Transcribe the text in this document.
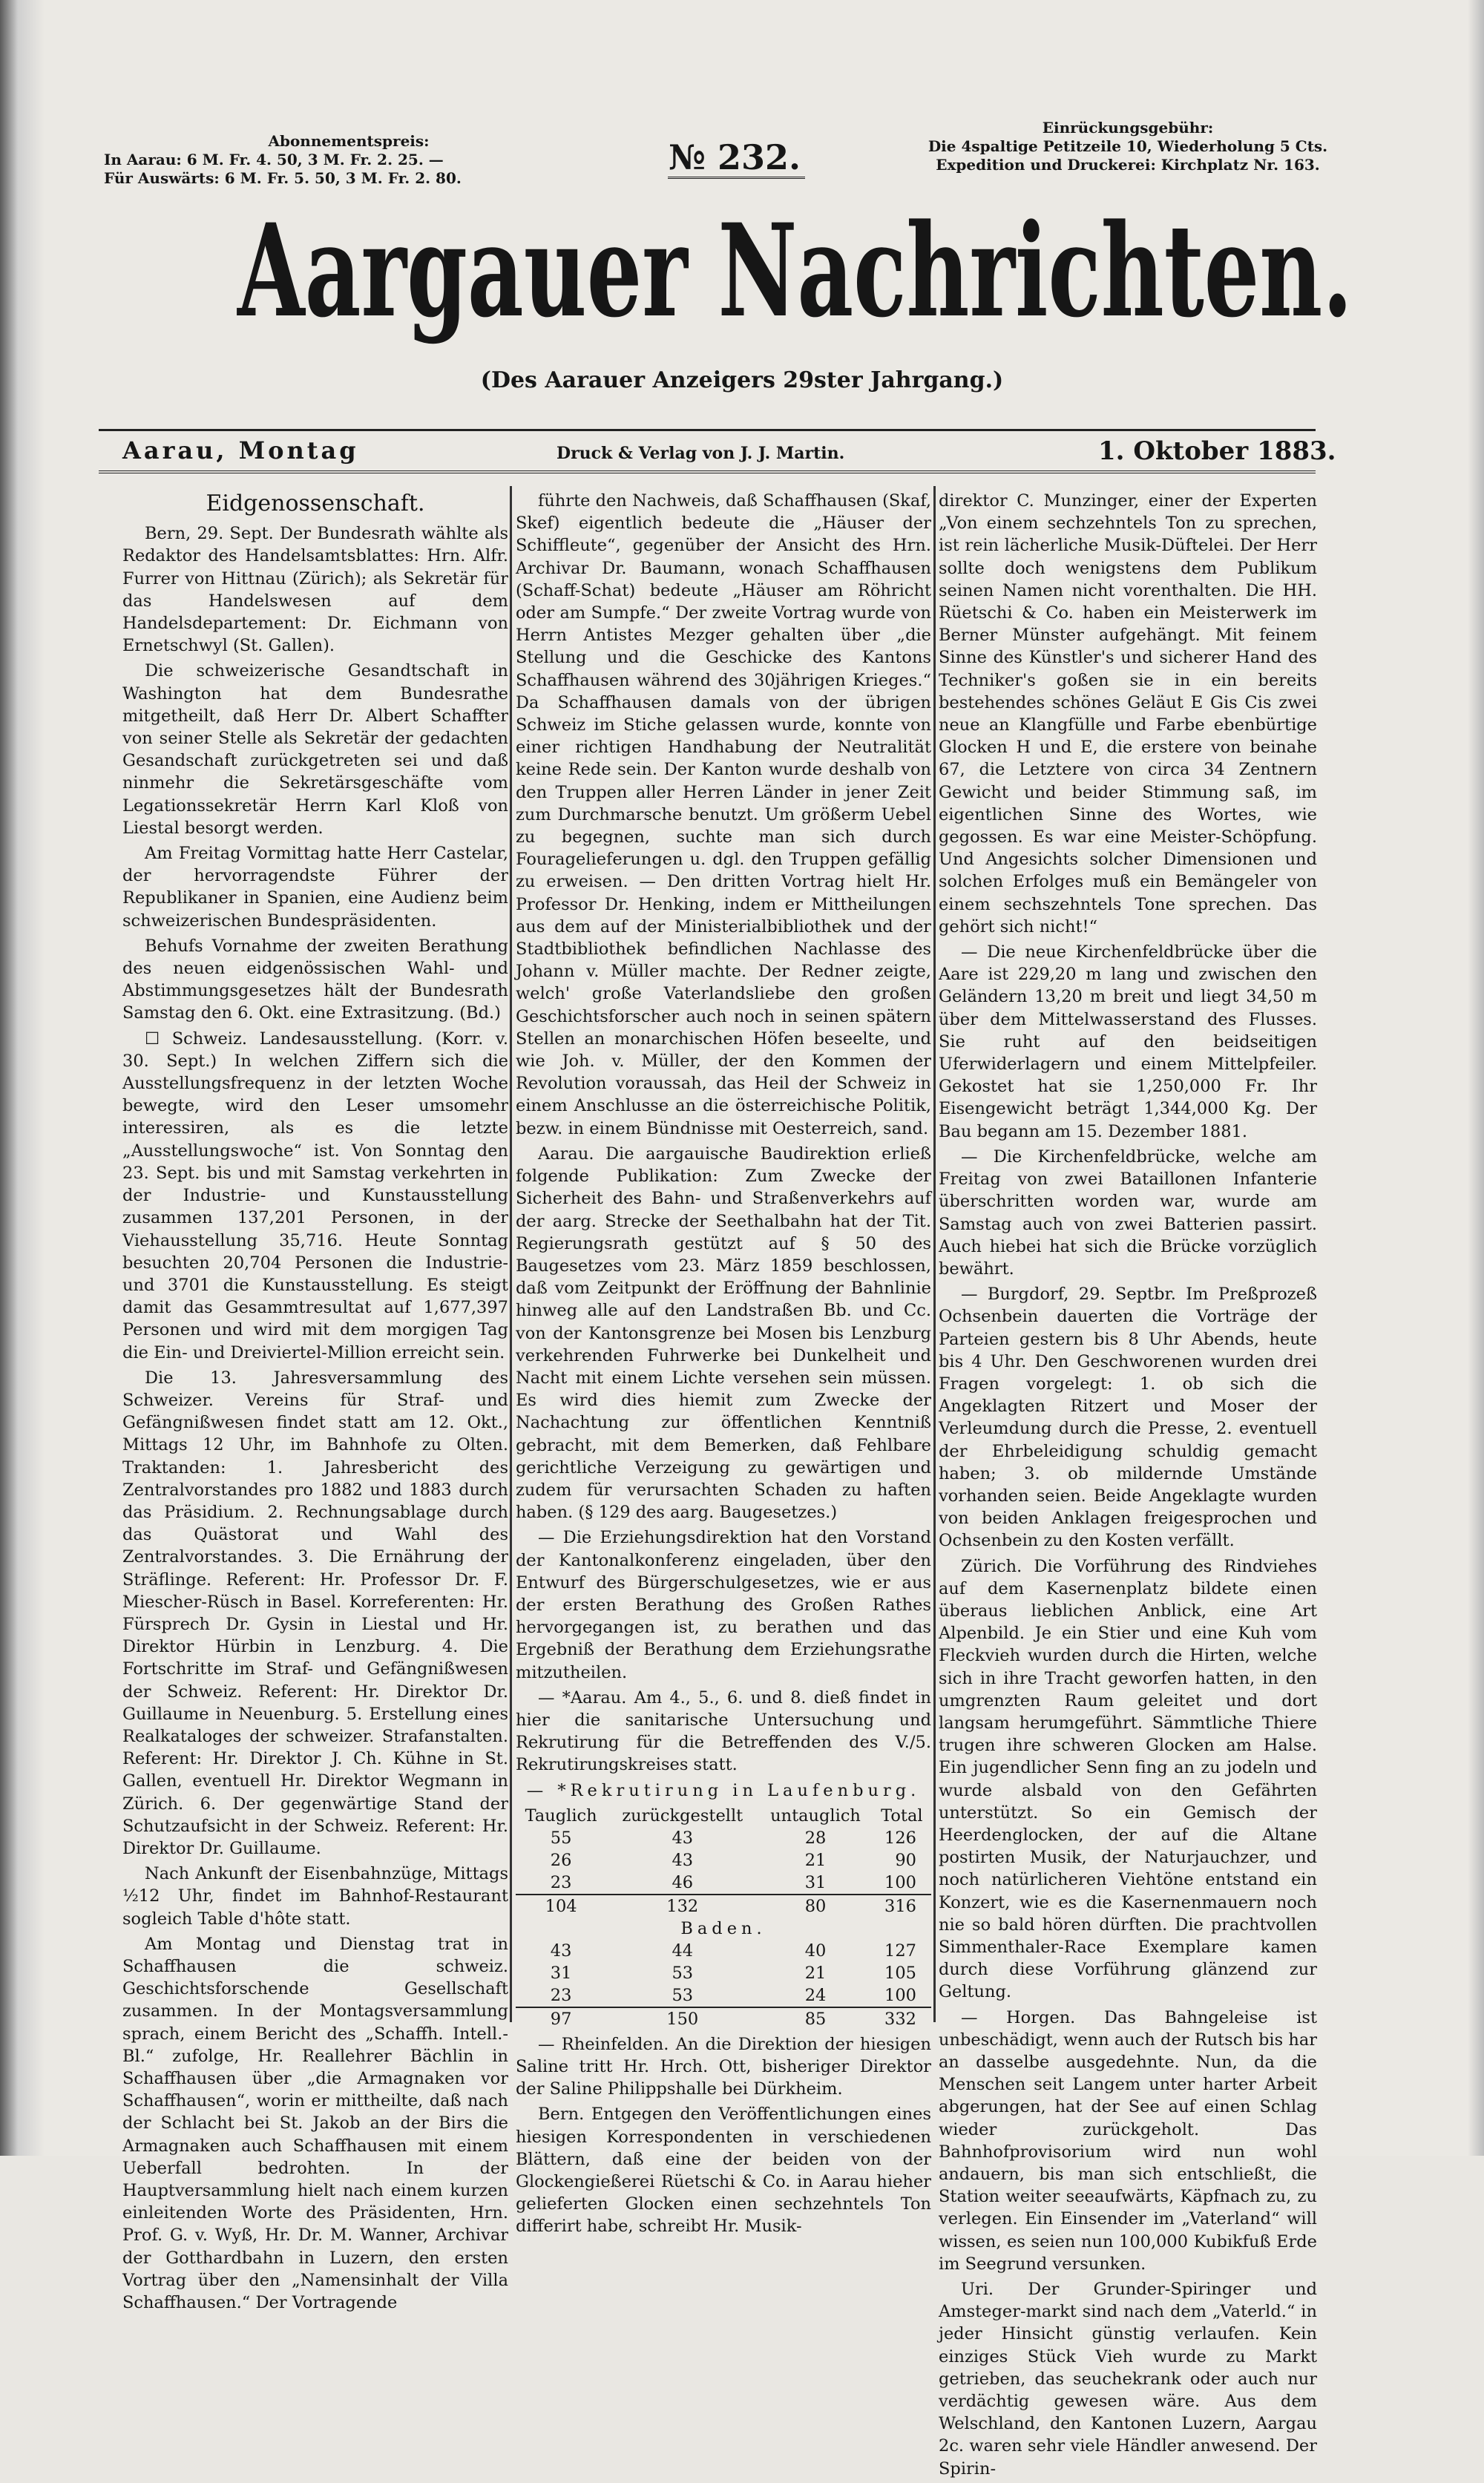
Abonnementspreis:
In Aarau: 6 M. Fr. 4. 50, 3 M. Fr. 2. 25. —
Für Auswärts: 6 M. Fr. 5. 50, 3 M. Fr. 2. 80.
№ 232.
Einrückungsgebühr:
Die 4spaltige Petitzeile 10, Wiederholung 5 Cts.
Expedition und Druckerei: Kirchplatz Nr. 163.
Aargauer Nachrichten.
(Des Aarauer Anzeigers 29ster Jahrgang.)
Aarau, Montag	Druck & Verlag von J. J. Martin.	1. Oktober 1883.
Eidgenossenschaft.

Bern, 29. Sept. Der Bundesrath wählte als Redaktor des Handelsamtsblattes: Hrn. Alfr. Furrer von Hittnau (Zürich); als Sekretär für das Handelswesen auf dem Handelsdepartement: Dr. Eichmann von Ernetschwyl (St. Gallen).

Die schweizerische Gesandtschaft in Washington hat dem Bundesrathe mitgetheilt, daß Herr Dr. Albert Schaffter von seiner Stelle als Sekretär der gedachten Gesandschaft zurückgetreten sei und daß ninmehr die Sekretärsgeschäfte vom Legationssekretär Herrn Karl Kloß von Liestal besorgt werden.

Am Freitag Vormittag hatte Herr Castelar, der hervorragendste Führer der Republikaner in Spanien, eine Audienz beim schweizerischen Bundespräsidenten.

Behufs Vornahme der zweiten Berathung des neuen eidgenössischen Wahl- und Abstimmungsgesetzes hält der Bundesrath Samstag den 6. Okt. eine Extrasitzung. (Bd.)

☐ Schweiz. Landesausstellung. (Korr. v. 30. Sept.) In welchen Ziffern sich die Ausstellungsfrequenz in der letzten Woche bewegte, wird den Leser umsomehr interessiren, als es die letzte „Ausstellungswoche“ ist. Von Sonntag den 23. Sept. bis und mit Samstag verkehrten in der Industrie- und Kunstausstellung zusammen 137,201 Personen, in der Viehausstellung 35,716. Heute Sonntag besuchten 20,704 Personen die Industrie- und 3701 die Kunstausstellung. Es steigt damit das Gesammtresultat auf 1,677,397 Personen und wird mit dem morgigen Tag die Ein- und Dreiviertel-Million erreicht sein.

Die 13. Jahresversammlung des Schweizer. Vereins für Straf- und Gefängnißwesen findet statt am 12. Okt., Mittags 12 Uhr, im Bahnhofe zu Olten. Traktanden: 1. Jahresbericht des Zentralvorstandes pro 1882 und 1883 durch das Präsidium. 2. Rechnungsablage durch das Quästorat und Wahl des Zentralvorstandes. 3. Die Ernährung der Sträflinge. Referent: Hr. Professor Dr. F. Miescher-Rüsch in Basel. Korreferenten: Hr. Fürsprech Dr. Gysin in Liestal und Hr. Direktor Hürbin in Lenzburg. 4. Die Fortschritte im Straf- und Gefängnißwesen der Schweiz. Referent: Hr. Direktor Dr. Guillaume in Neuenburg. 5. Erstellung eines Realkataloges der schweizer. Strafanstalten. Referent: Hr. Direktor J. Ch. Kühne in St. Gallen, eventuell Hr. Direktor Wegmann in Zürich. 6. Der gegenwärtige Stand der Schutzaufsicht in der Schweiz. Referent: Hr. Direktor Dr. Guillaume.

Nach Ankunft der Eisenbahnzüge, Mittags ½12 Uhr, findet im Bahnhof-Restaurant sogleich Table d'hôte statt.

Am Montag und Dienstag trat in Schaffhausen die schweiz. Geschichtsforschende Gesellschaft zusammen. In der Montagsversammlung sprach, einem Bericht des „Schaffh. Intell.-Bl.“ zufolge, Hr. Reallehrer Bächlin in Schaffhausen über „die Armagnaken vor Schaffhausen“, worin er mittheilte, daß nach der Schlacht bei St. Jakob an der Birs die Armagnaken auch Schaffhausen mit einem Ueberfall bedrohten. In der Hauptversammlung hielt nach einem kurzen einleitenden Worte des Präsidenten, Hrn. Prof. G. v. Wyß, Hr. Dr. M. Wanner, Archivar der Gotthardbahn in Luzern, den ersten Vortrag über den „Namensinhalt der Villa Schaffhausen.“ Der Vortragende

führte den Nachweis, daß Schaffhausen (Skaf, Skef) eigentlich bedeute die „Häuser der Schiffleute“, gegenüber der Ansicht des Hrn. Archivar Dr. Baumann, wonach Schaffhausen (Schaff-Schat) bedeute „Häuser am Röhricht oder am Sumpfe.“ Der zweite Vortrag wurde von Herrn Antistes Mezger gehalten über „die Stellung und die Geschicke des Kantons Schaffhausen während des 30jährigen Krieges.“ Da Schaffhausen damals von der übrigen Schweiz im Stiche gelassen wurde, konnte von einer richtigen Handhabung der Neutralität keine Rede sein. Der Kanton wurde deshalb von den Truppen aller Herren Länder in jener Zeit zum Durchmarsche benutzt. Um größerm Uebel zu begegnen, suchte man sich durch Fouragelieferungen u. dgl. den Truppen gefällig zu erweisen. — Den dritten Vortrag hielt Hr. Professor Dr. Henking, indem er Mittheilungen aus dem auf der Ministerialbibliothek und der Stadtbibliothek befindlichen Nachlasse des Johann v. Müller machte. Der Redner zeigte, welch' große Vaterlandsliebe den großen Geschichtsforscher auch noch in seinen spätern Stellen an monarchischen Höfen beseelte, und wie Joh. v. Müller, der den Kommen der Revolution voraussah, das Heil der Schweiz in einem Anschlusse an die österreichische Politik, bezw. in einem Bündnisse mit Oesterreich, sand.

Aarau. Die aargauische Baudirektion erließ folgende Publikation: Zum Zwecke der Sicherheit des Bahn- und Straßenverkehrs auf der aarg. Strecke der Seethalbahn hat der Tit. Regierungsrath gestützt auf § 50 des Baugesetzes vom 23. März 1859 beschlossen, daß vom Zeitpunkt der Eröffnung der Bahnlinie hinweg alle auf den Landstraßen Bb. und Cc. von der Kantonsgrenze bei Mosen bis Lenzburg verkehrenden Fuhrwerke bei Dunkelheit und Nacht mit einem Lichte versehen sein müssen. Es wird dies hiemit zum Zwecke der Nachachtung zur öffentlichen Kenntniß gebracht, mit dem Bemerken, daß Fehlbare gerichtliche Verzeigung zu gewärtigen und zudem für verursachten Schaden zu haften haben. (§ 129 des aarg. Baugesetzes.)

— Die Erziehungsdirektion hat den Vorstand der Kantonalkonferenz eingeladen, über den Entwurf des Bürgerschulgesetzes, wie er aus der ersten Berathung des Großen Rathes hervorgegangen ist, zu berathen und das Ergebniß der Berathung dem Erziehungsrathe mitzutheilen.

— *Aarau. Am 4., 5., 6. und 8. dieß findet in hier die sanitarische Untersuchung und Rekrutirung für die Betreffenden des V./5. Rekrutirungskreises statt.

— *Rekrutirung in Laufenburg.

Tauglich	zurückgestellt	untauglich	Total
55	43	28	126
26	43	21	90
23	46	31	100
104	132	80	316
Baden.			
43	44	40	127
31	53	21	105
23	53	24	100
97	150	85	332

— Rheinfelden. An die Direktion der hiesigen Saline tritt Hr. Hrch. Ott, bisheriger Direktor der Saline Philippshalle bei Dürkheim.

Bern. Entgegen den Veröffentlichungen eines hiesigen Korrespondenten in verschiedenen Blättern, daß eine der beiden von der Glockengießerei Rüetschi & Co. in Aarau hieher gelieferten Glocken einen sechzehntels Ton differirt habe, schreibt Hr. Musik-

direktor C. Munzinger, einer der Experten „Von einem sechzehntels Ton zu sprechen, ist rein lächerliche Musik-Düftelei. Der Herr sollte doch wenigstens dem Publikum seinen Namen nicht vorenthalten. Die HH. Rüetschi & Co. haben ein Meisterwerk im Berner Münster aufgehängt. Mit feinem Sinne des Künstler's und sicherer Hand des Techniker's goßen sie in ein bereits bestehendes schönes Geläut E Gis Cis zwei neue an Klangfülle und Farbe ebenbürtige Glocken H und E, die erstere von beinahe 67, die Letztere von circa 34 Zentnern Gewicht und beider Stimmung saß, im eigentlichen Sinne des Wortes, wie gegossen. Es war eine Meister-Schöpfung. Und Angesichts solcher Dimensionen und solchen Erfolges muß ein Bemängeler von einem sechszehntels Tone sprechen. Das gehört sich nicht!“

— Die neue Kirchenfeldbrücke über die Aare ist 229,20 m lang und zwischen den Geländern 13,20 m breit und liegt 34,50 m über dem Mittelwasserstand des Flusses. Sie ruht auf den beidseitigen Uferwiderlagern und einem Mittelpfeiler. Gekostet hat sie 1,250,000 Fr. Ihr Eisengewicht beträgt 1,344,000 Kg. Der Bau begann am 15. Dezember 1881.

— Die Kirchenfeldbrücke, welche am Freitag von zwei Bataillonen Infanterie überschritten worden war, wurde am Samstag auch von zwei Batterien passirt. Auch hiebei hat sich die Brücke vorzüglich bewährt.

— Burgdorf, 29. Septbr. Im Preßprozeß Ochsenbein dauerten die Vorträge der Parteien gestern bis 8 Uhr Abends, heute bis 4 Uhr. Den Geschworenen wurden drei Fragen vorgelegt: 1. ob sich die Angeklagten Ritzert und Moser der Verleumdung durch die Presse, 2. eventuell der Ehrbeleidigung schuldig gemacht haben; 3. ob mildernde Umstände vorhanden seien. Beide Angeklagte wurden von beiden Anklagen freigesprochen und Ochsenbein zu den Kosten verfällt.

Zürich. Die Vorführung des Rindviehes auf dem Kasernenplatz bildete einen überaus lieblichen Anblick, eine Art Alpenbild. Je ein Stier und eine Kuh vom Fleckvieh wurden durch die Hirten, welche sich in ihre Tracht geworfen hatten, in den umgrenzten Raum geleitet und dort langsam herumgeführt. Sämmtliche Thiere trugen ihre schweren Glocken am Halse. Ein jugendlicher Senn fing an zu jodeln und wurde alsbald von den Gefährten unterstützt. So ein Gemisch der Heerdenglocken, der auf die Altane postirten Musik, der Naturjauchzer, und noch natürlicheren Viehtöne entstand ein Konzert, wie es die Kasernenmauern noch nie so bald hören dürften. Die prachtvollen Simmenthaler-Race Exemplare kamen durch diese Vorführung glänzend zur Geltung.

— Horgen. Das Bahngeleise ist unbeschädigt, wenn auch der Rutsch bis har an dasselbe ausgedehnte. Nun, da die Menschen seit Langem unter harter Arbeit abgerungen, hat der See auf einen Schlag wieder zurückgeholt. Das Bahnhofprovisorium wird nun wohl andauern, bis man sich entschließt, die Station weiter seeaufwärts, Käpfnach zu, zu verlegen. Ein Einsender im „Vaterland“ will wissen, es seien nun 100,000 Kubikfuß Erde im Seegrund versunken.

Uri. Der Grunder-Spiringer und Amsteger-markt sind nach dem „Vaterld.“ in jeder Hinsicht günstig verlaufen. Kein einziges Stück Vieh wurde zu Markt getrieben, das seuchekrank oder auch nur verdächtig gewesen wäre. Aus dem Welschland, den Kantonen Luzern, Aargau 2c. waren sehr viele Händler anwesend. Der Spirin-
